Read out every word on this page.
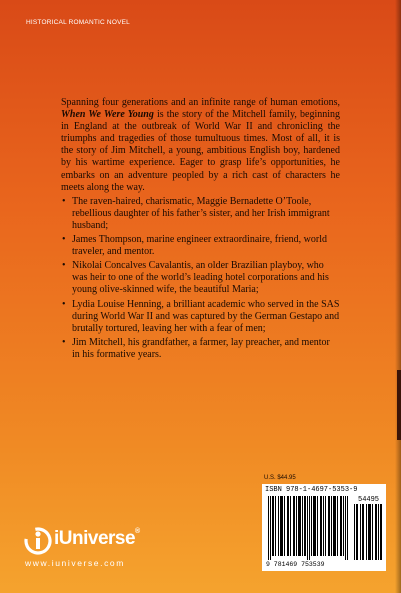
HISTORICAL ROMANTIC NOVEL

Spanning four generations and an infinite range of human emotions, When We Were Young is the story of the Mitchell family, beginning in England at the outbreak of World War II and chronicling the triumphs and tragedies of those tumultuous times. Most of all, it is the story of Jim Mitchell, a young, ambitious English boy, hardened by his wartime experience. Eager to grasp life’s opportunities, he embarks on an adventure peopled by a rich cast of characters he meets along the way.

• The raven-haired, charismatic, Maggie Bernadette O’Toole, rebellious daughter of his father’s sister, and her Irish immigrant husband;
• James Thompson, marine engineer extraordinaire, friend, world traveler, and mentor.
• Nikolai Concalves Cavalantis, an older Brazilian playboy, who was heir to one of the world’s leading hotel corporations and his young olive-skinned wife, the beautiful Maria;
• Lydia Louise Henning, a brilliant academic who served in the SAS during World War II and was captured by the German Gestapo and brutally tortured, leaving her with a fear of men;
• Jim Mitchell, his grandfather, a farmer, lay preacher, and mentor in his formative years.
U.S. $44.95
ISBN 978-1-4697-5353-9
54495
9 781469 753539
iUniverse®
www.iuniverse.com
